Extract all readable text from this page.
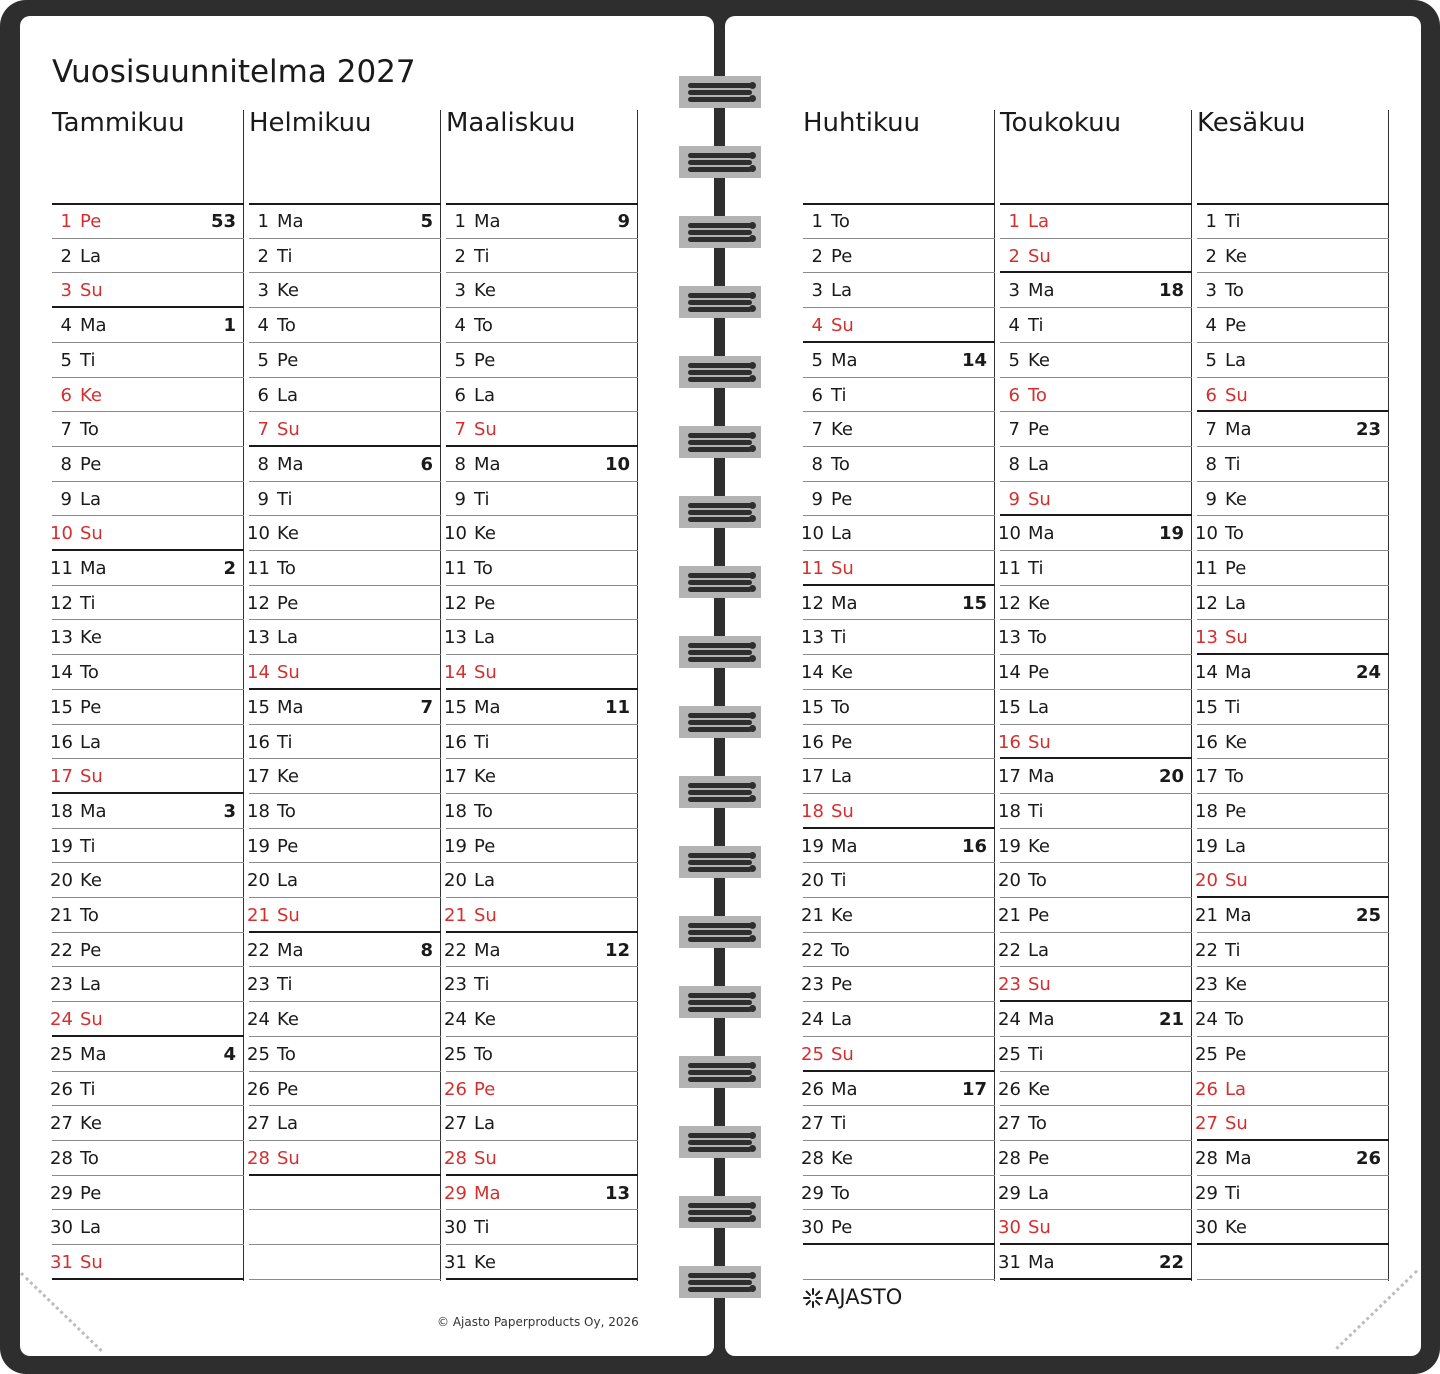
Vuosisuunnitelma 2027
© Ajasto Paperproducts Oy, 2026
AJASTO
Tammikuu
1 Pe	53
2 La
3 Su
4 Ma	1
5 Ti
6 Ke
7 To
8 Pe
9 La
10 Su
11 Ma	2
12 Ti
13 Ke
14 To
15 Pe
16 La
17 Su
18 Ma	3
19 Ti
20 Ke
21 To
22 Pe
23 La
24 Su
25 Ma	4
26 Ti
27 Ke
28 To
29 Pe
30 La
31 Su
Helmikuu
1 Ma	5
2 Ti
3 Ke
4 To
5 Pe
6 La
7 Su
8 Ma	6
9 Ti
10 Ke
11 To
12 Pe
13 La
14 Su
15 Ma	7
16 Ti
17 Ke
18 To
19 Pe
20 La
21 Su
22 Ma	8
23 Ti
24 Ke
25 To
26 Pe
27 La
28 Su
Maaliskuu
1 Ma	9
2 Ti
3 Ke
4 To
5 Pe
6 La
7 Su
8 Ma	10
9 Ti
10 Ke
11 To
12 Pe
13 La
14 Su
15 Ma	11
16 Ti
17 Ke
18 To
19 Pe
20 La
21 Su
22 Ma	12
23 Ti
24 Ke
25 To
26 Pe
27 La
28 Su
29 Ma	13
30 Ti
31 Ke
Huhtikuu
1 To
2 Pe
3 La
4 Su
5 Ma	14
6 Ti
7 Ke
8 To
9 Pe
10 La
11 Su
12 Ma	15
13 Ti
14 Ke
15 To
16 Pe
17 La
18 Su
19 Ma	16
20 Ti
21 Ke
22 To
23 Pe
24 La
25 Su
26 Ma	17
27 Ti
28 Ke
29 To
30 Pe
Toukokuu
1 La
2 Su
3 Ma	18
4 Ti
5 Ke
6 To
7 Pe
8 La
9 Su
10 Ma	19
11 Ti
12 Ke
13 To
14 Pe
15 La
16 Su
17 Ma	20
18 Ti
19 Ke
20 To
21 Pe
22 La
23 Su
24 Ma	21
25 Ti
26 Ke
27 To
28 Pe
29 La
30 Su
31 Ma	22
Kesäkuu
1 Ti
2 Ke
3 To
4 Pe
5 La
6 Su
7 Ma	23
8 Ti
9 Ke
10 To
11 Pe
12 La
13 Su
14 Ma	24
15 Ti
16 Ke
17 To
18 Pe
19 La
20 Su
21 Ma	25
22 Ti
23 Ke
24 To
25 Pe
26 La
27 Su
28 Ma	26
29 Ti
30 Ke
